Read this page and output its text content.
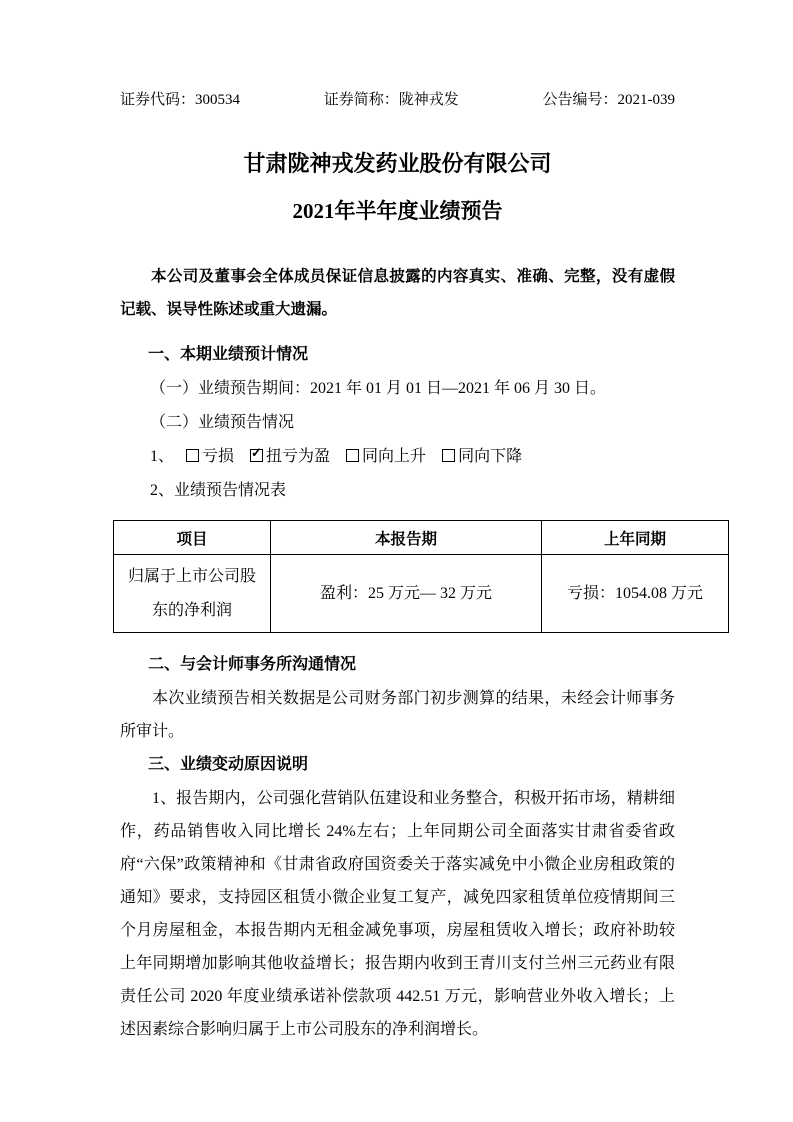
证券代码：300534	证券简称：陇神戎发	公告编号：2021-039
甘肃陇神戎发药业股份有限公司
2021年半年度业绩预告

本公司及董事会全体成员保证信息披露的内容真实、准确、完整，没有虚假记载、误导性陈述或重大遗漏。

一、本期业绩预计情况

（一）业绩预告期间：2021 年 01 月 01 日—2021 年 06 月 30 日。

（二）业绩预告情况

1、 亏损 ✓ 扭亏为盈 同向上升 同向下降

2、业绩预告情况表

项目	本报告期	上年同期
归属于上市公司股东的净利润	盈利：25 万元— 32 万元	亏损：1054.08 万元

二、与会计师事务所沟通情况

本次业绩预告相关数据是公司财务部门初步测算的结果，未经会计师事务所审计。

三、业绩变动原因说明

1、报告期内，公司强化营销队伍建设和业务整合，积极开拓市场，精耕细作，药品销售收入同比增长 24%左右；上年同期公司全面落实甘肃省委省政府“六保”政策精神和《甘肃省政府国资委关于落实减免中小微企业房租政策的通知》要求，支持园区租赁小微企业复工复产，减免四家租赁单位疫情期间三个月房屋租金，本报告期内无租金减免事项，房屋租赁收入增长；政府补助较上年同期增加影响其他收益增长；报告期内收到王青川支付兰州三元药业有限责任公司 2020 年度业绩承诺补偿款项 442.51 万元，影响营业外收入增长；上述因素综合影响归属于上市公司股东的净利润增长。
